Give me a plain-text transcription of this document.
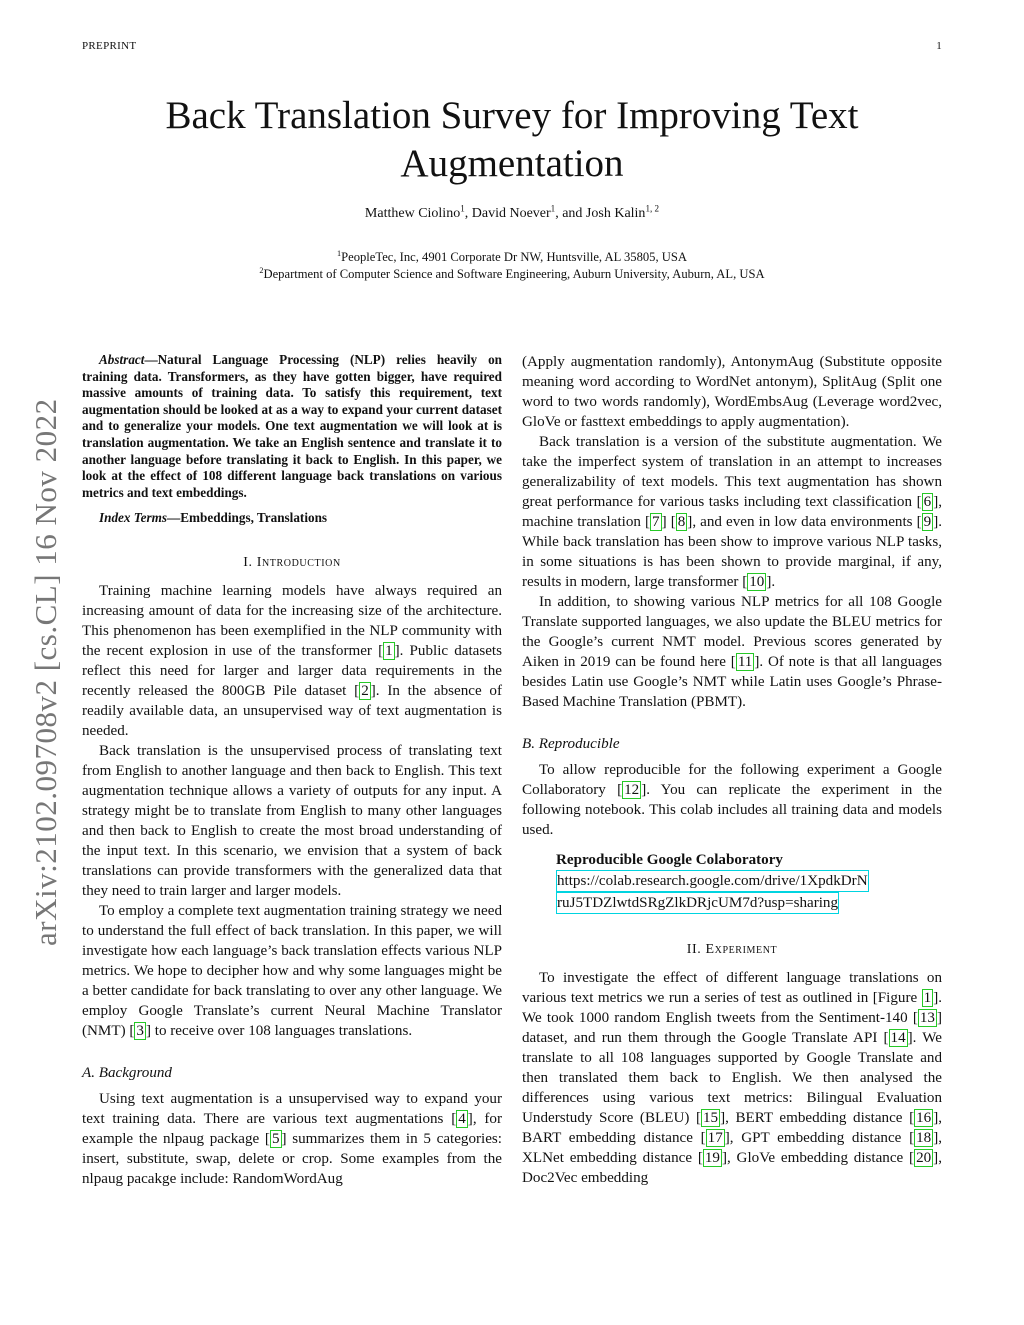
PREPRINT	1
arXiv:2102.09708v2 [cs.CL] 16 Nov 2022
Back Translation Survey for Improving Text
Augmentation
Matthew Ciolino$^1$, David Noever$^1$, and Josh Kalin$^{1, 2}$
$^1$PeopleTec, Inc, 4901 Corporate Dr NW, Huntsville, AL 35805, USA
$^2$Department of Computer Science and Software Engineering, Auburn University, Auburn, AL, USA

Abstract—Natural Language Processing (NLP) relies heavily on training data. Transformers, as they have gotten bigger, have required massive amounts of training data. To satisfy this requirement, text augmentation should be looked at as a way to expand your current dataset and to generalize your models. One text augmentation we will look at is translation augmentation. We take an English sentence and translate it to another language before translating it back to English. In this paper, we look at the effect of 108 different language back translations on various metrics and text embeddings.

Index Terms—Embeddings, Translations

I. Introduction

Training machine learning models have always required an increasing amount of data for the increasing size of the architecture. This phenomenon has been exemplified in the NLP community with the recent explosion in use of the transformer [ 1 ]. Public datasets reflect this need for larger and larger data requirements in the recently released the 800GB Pile dataset [ 2 ]. In the absence of readily available data, an unsupervised way of text augmentation is needed.

Back translation is the unsupervised process of translating text from English to another language and then back to English. This text augmentation technique allows a variety of outputs for any input. A strategy might be to translate from English to many other languages and then back to English to create the most broad understanding of the input text. In this scenario, we envision that a system of back translations can provide transformers with the generalized data that they need to train larger and larger models.

To employ a complete text augmentation training strategy we need to understand the full effect of back translation. In this paper, we will investigate how each language’s back translation effects various NLP metrics. We hope to decipher how and why some languages might be a better candidate for back translating to over any other language. We employ Google Translate’s current Neural Machine Translator (NMT) [ 3 ] to receive over 108 languages translations.

A. Background

Using text augmentation is a unsupervised way to expand your text training data. There are various text augmentations [ 4 ], for example the nlpaug package [ 5 ] summarizes them in 5 categories: insert, substitute, swap, delete or crop. Some examples from the nlpaug pacakge include: RandomWordAug

(Apply augmentation randomly), AntonymAug (Substitute opposite meaning word according to WordNet antonym), SplitAug (Split one word to two words randomly), WordEmbsAug (Leverage word2vec, GloVe or fasttext embeddings to apply augmentation).

Back translation is a version of the substitute augmentation. We take the imperfect system of translation in an attempt to increases generalizability of text models. This text augmentation has shown great performance for various tasks including text classification [ 6 ], machine translation [ 7 ] [ 8 ], and even in low data environments [ 9 ]. While back translation has been show to improve various NLP tasks, in some situations is has been shown to provide marginal, if any, results in modern, large transformer [ 10 ].

In addition, to showing various NLP metrics for all 108 Google Translate supported languages, we also update the BLEU metrics for the Google’s current NMT model. Previous scores generated by Aiken in 2019 can be found here [ 11 ]. Of note is that all languages besides Latin use Google’s NMT while Latin uses Google’s Phrase-Based Machine Translation (PBMT).

B. Reproducible

To allow reproducible for the following experiment a Google Collaboratory [ 12 ]. You can replicate the experiment in the following notebook. This colab includes all training data and models used.

Reproducible Google Colaboratory
https://colab.research.google.com/drive/1XpdkDrN
ruJ5TDZlwtdSRgZlkDRjcUM7d?usp=sharing
II. Experiment

To investigate the effect of different language translations on various text metrics we run a series of test as outlined in [Figure 1 ]. We took 1000 random English tweets from the Sentiment-140 [ 13 ] dataset, and run them through the Google Translate API [ 14 ]. We translate to all 108 languages supported by Google Translate and then translated them back to English. We then analysed the differences using various text metrics: Bilingual Evaluation Understudy Score (BLEU) [ 15 ], BERT embedding distance [ 16 ], BART embedding distance [ 17 ], GPT embedding distance [ 18 ], XLNet embedding distance [ 19 ], GloVe embedding distance [ 20 ], Doc2Vec embedding
